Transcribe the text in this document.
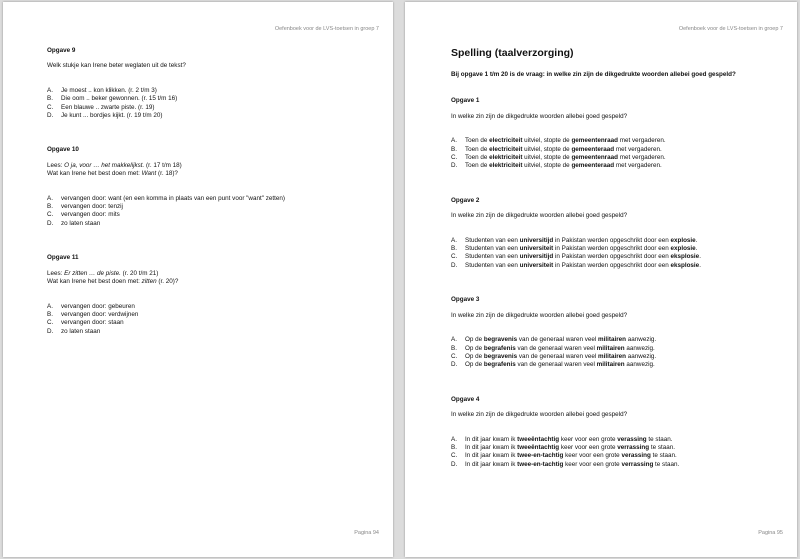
Oefenboek voor de LVS-toetsen in groep 7
Opgave 9
Welk stukje kan Irene beter weglaten uit de tekst?
A.	Je moest .. kon klikken. (r. 2 t/m 3)
B.	Die oom .. beker gewonnen. (r. 15 t/m 16)
C.	Een blauwe .. zwarte piste. (r. 19)
D.	Je kunt ... bordjes kijkt. (r. 19 t/m 20)
Opgave 10
Lees: O ja, voor … het makkelijkst. (r. 17 t/m 18)
Wat kan Irene het best doen met: Want (r. 18)?
A.	vervangen door: want (en een komma in plaats van een punt voor "want" zetten)
B.	vervangen door: tenzij
C.	vervangen door: mits
D.	zo laten staan
Opgave 11
Lees: Er zitten … de piste. (r. 20 t/m 21)
Wat kan Irene het best doen met: zitten (r. 20)?
A.	vervangen door: gebeuren
B.	vervangen door: verdwijnen
C.	vervangen door: staan
D.	zo laten staan
Pagina 94
Oefenboek voor de LVS-toetsen in groep 7
Spelling (taalverzorging)
Bij opgave 1 t/m 20 is de vraag: in welke zin zijn de dikgedrukte woorden allebei goed gespeld?
Opgave 1
In welke zin zijn de dikgedrukte woorden allebei goed gespeld?
A.	Toen de electriciteit uitviel, stopte de gemeentenraad met vergaderen.
B.	Toen de electriciteit uitviel, stopte de gemeenteraad met vergaderen.
C.	Toen de elektriciteit uitviel, stopte de gemeentenraad met vergaderen.
D.	Toen de elektriciteit uitviel, stopte de gemeenteraad met vergaderen.
Opgave 2
In welke zin zijn de dikgedrukte woorden allebei goed gespeld?
A.	Studenten van een universitijd in Pakistan werden opgeschrikt door een explosie.
B.	Studenten van een universiteit in Pakistan werden opgeschrikt door een explosie.
C.	Studenten van een universitijd in Pakistan werden opgeschrikt door een eksplosie.
D.	Studenten van een universiteit in Pakistan werden opgeschrikt door een eksplosie.
Opgave 3
In welke zin zijn de dikgedrukte woorden allebei goed gespeld?
A.	Op de begravenis van de generaal waren veel militairen aanwezig.
B.	Op de begrafenis van de generaal waren veel militairen aanwezig.
C.	Op de begravenis van de generaal waren veel militairen aanwezig.
D.	Op de begrafenis van de generaal waren veel militairen aanwezig.
Opgave 4
In welke zin zijn de dikgedrukte woorden allebei goed gespeld?
A.	In dit jaar kwam ik tweeëntachtig keer voor een grote verassing te staan.
B.	In dit jaar kwam ik tweeëntachtig keer voor een grote verrassing te staan.
C.	In dit jaar kwam ik twee-en-tachtig keer voor een grote verassing te staan.
D.	In dit jaar kwam ik twee-en-tachtig keer voor een grote verrassing te staan.
Pagina 95
